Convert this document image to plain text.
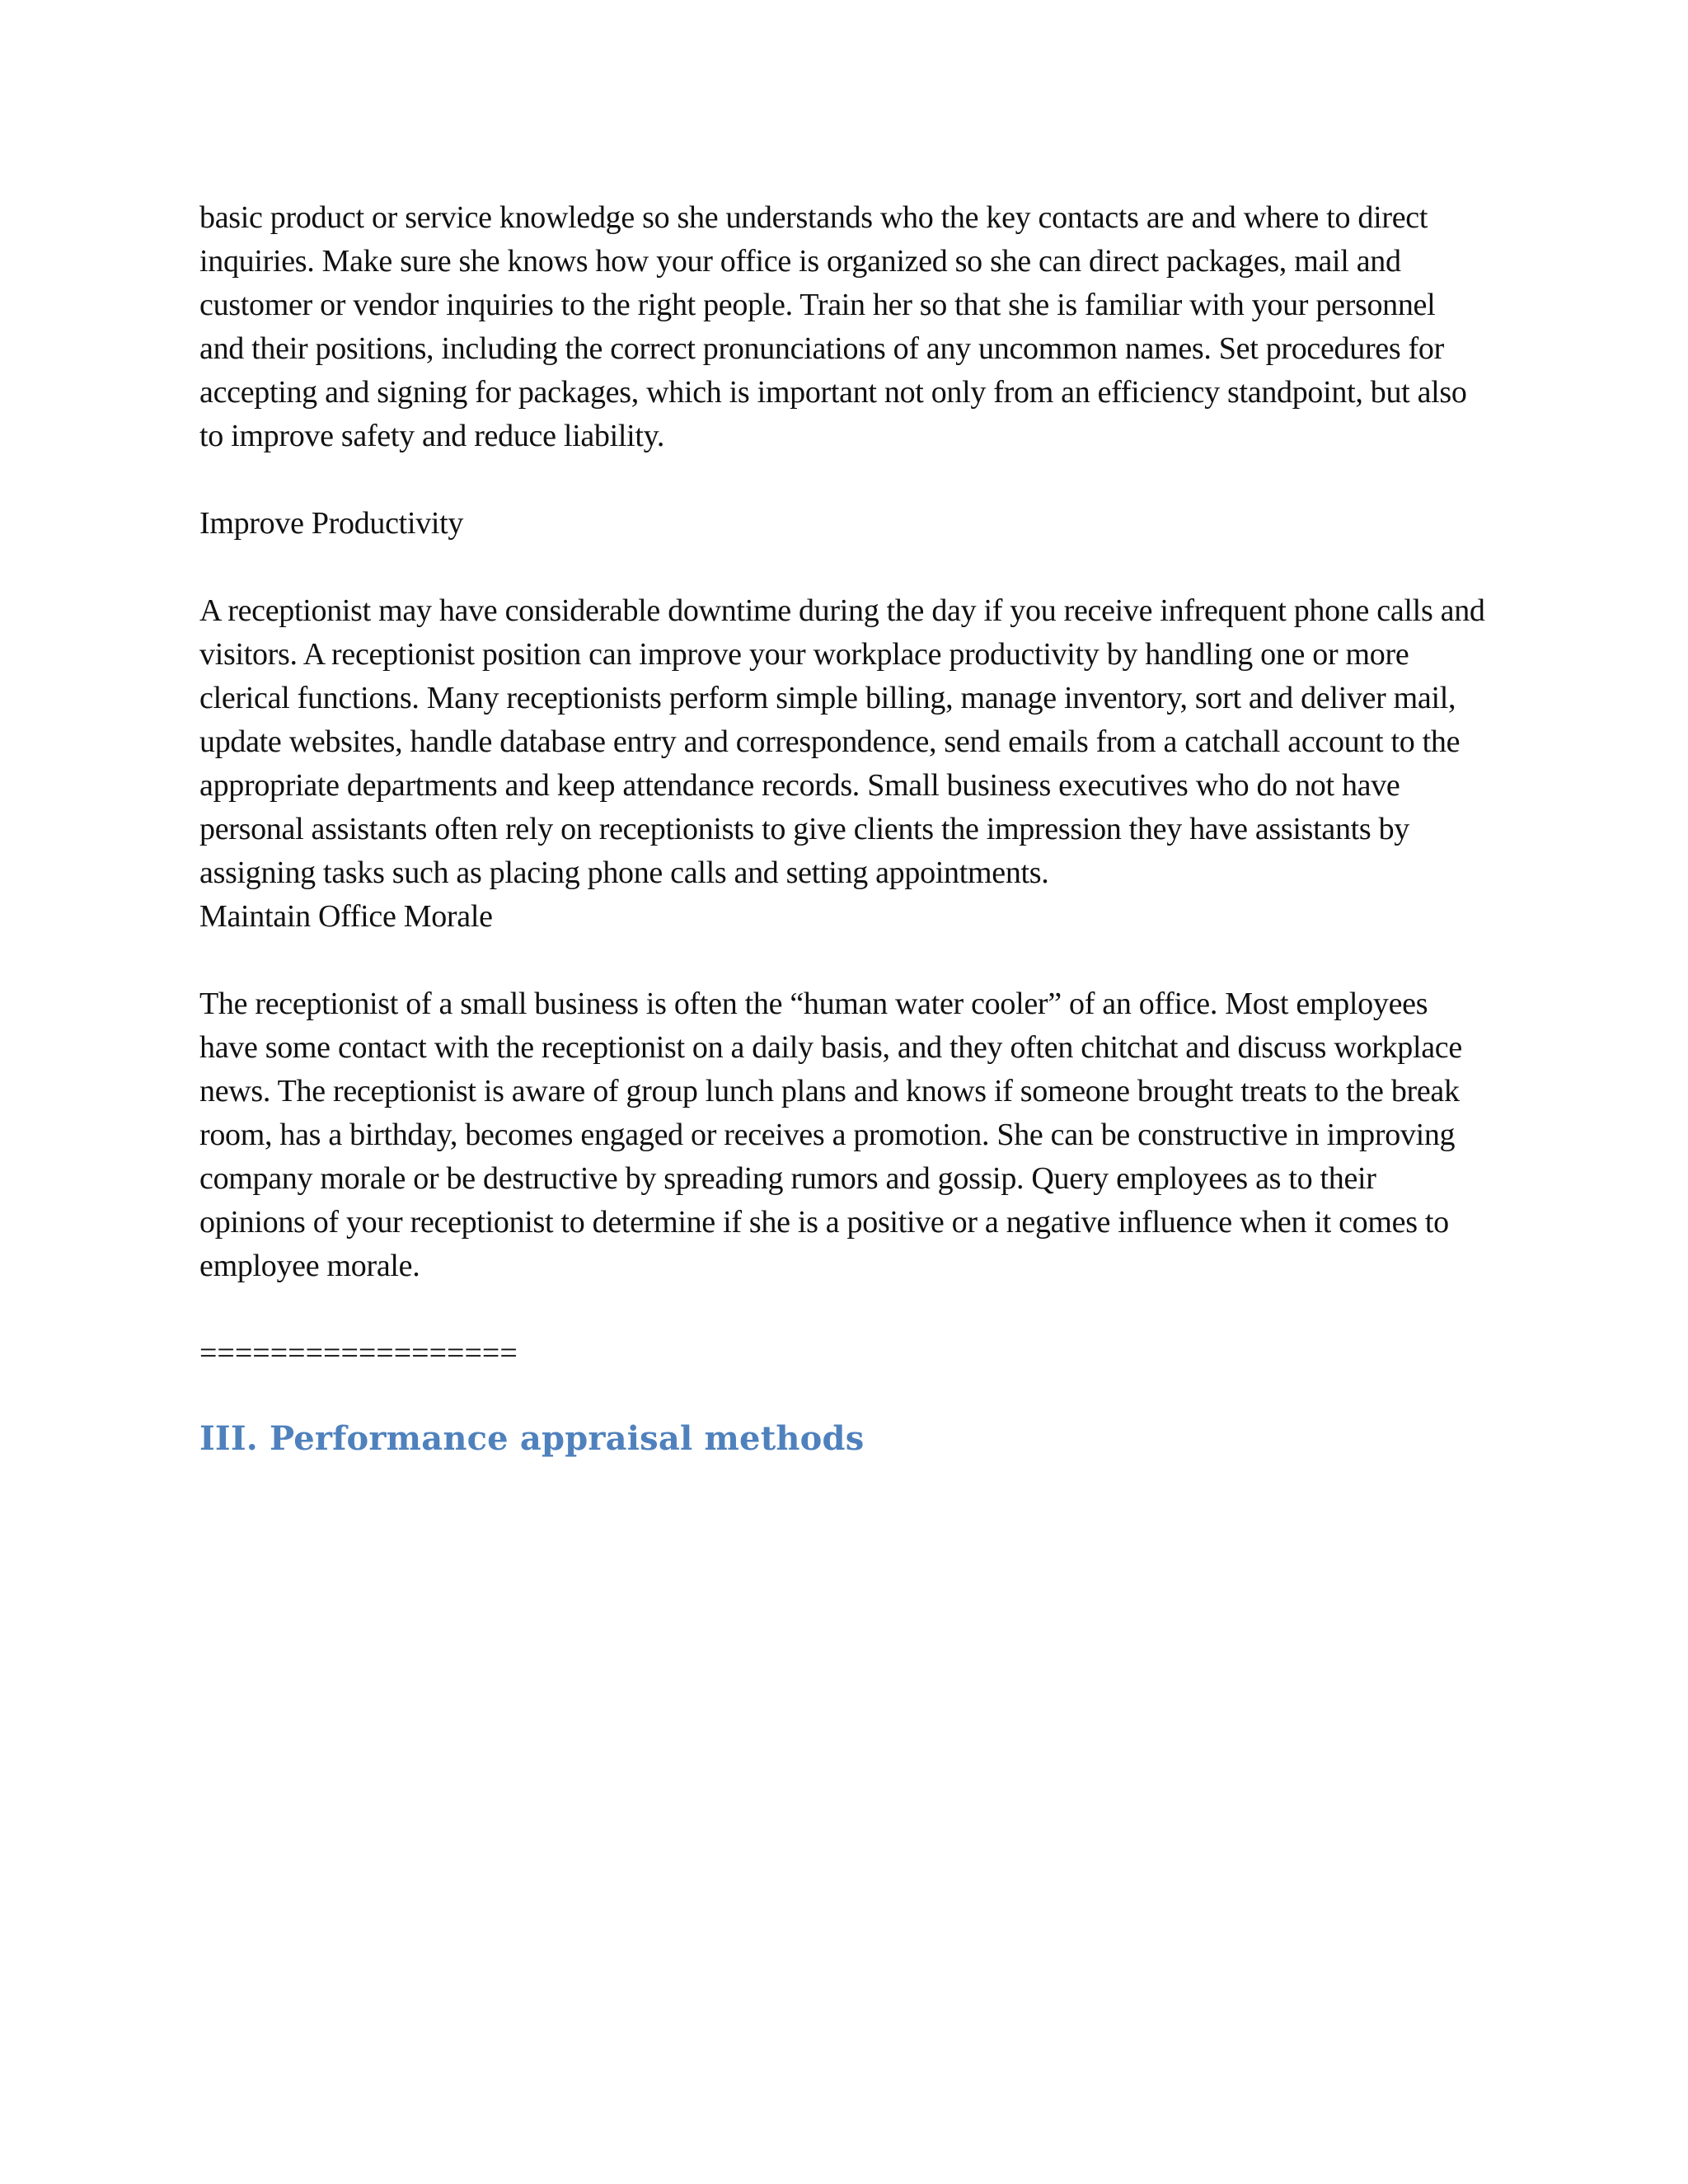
basic product or service knowledge so she understands who the key contacts are and where to direct inquiries. Make sure she knows how your office is organized so she can direct packages, mail and customer or vendor inquiries to the right people. Train her so that she is familiar with your personnel and their positions, including the correct pronunciations of any uncommon names. Set procedures for accepting and signing for packages, which is important not only from an efficiency standpoint, but also to improve safety and reduce liability.

Improve Productivity

A receptionist may have considerable downtime during the day if you receive infrequent phone calls and visitors. A receptionist position can improve your workplace productivity by handling one or more clerical functions. Many receptionists perform simple billing, manage inventory, sort and deliver mail, update websites, handle database entry and correspondence, send emails from a catchall account to the appropriate departments and keep attendance records. Small business executives who do not have personal assistants often rely on receptionists to give clients the impression they have assistants by assigning tasks such as placing phone calls and setting appointments.

Maintain Office Morale

The receptionist of a small business is often the “human water cooler” of an office. Most employees have some contact with the receptionist on a daily basis, and they often chitchat and discuss workplace news. The receptionist is aware of group lunch plans and knows if someone brought treats to the break room, has a birthday, becomes engaged or receives a promotion. She can be constructive in improving company morale or be destructive by spreading rumors and gossip. Query employees as to their opinions of your receptionist to determine if she is a positive or a negative influence when it comes to employee morale.

==================

III. Performance appraisal methods
